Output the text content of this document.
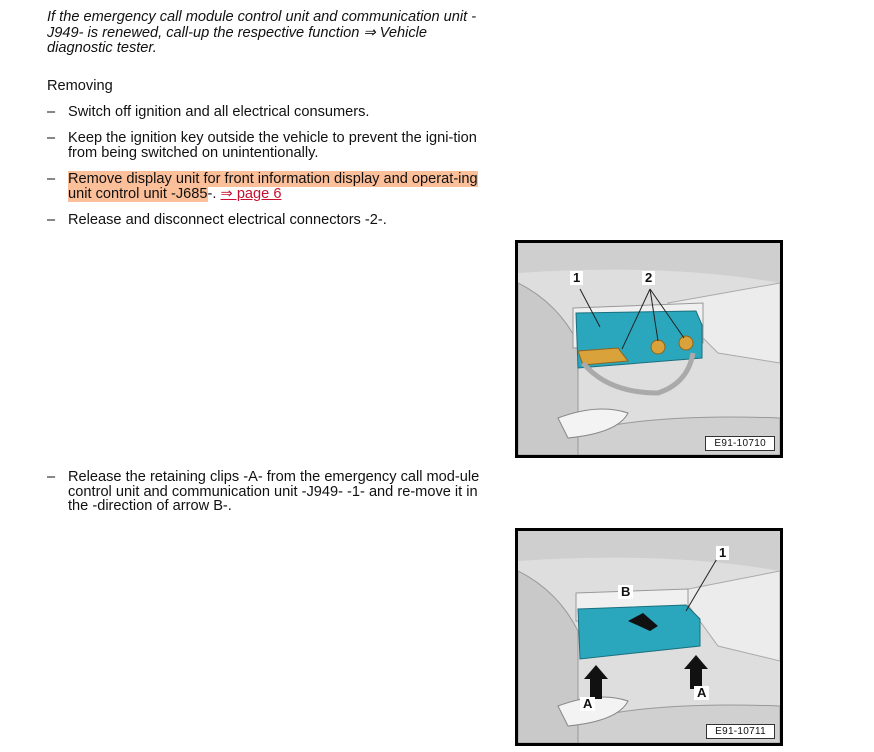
If the emergency call module control unit and communication unit -J949- is renewed, call-up the respective function ⇒ Vehicle diagnostic tester.
Removing
– Switch off ignition and all electrical consumers.
– Keep the ignition key outside the vehicle to prevent the igni-tion from being switched on unintentionally.
– Remove display unit for front information display and operat-ing unit control unit -J685-. ⇒ page 6
– Release and disconnect electrical connectors -2-.
– Release the retaining clips -A- from the emergency call mod-ule control unit and communication unit -J949- -1- and re-move it in the -direction of arrow B-.
1	2
E91-10710
1
B
A
A
E91-10711
